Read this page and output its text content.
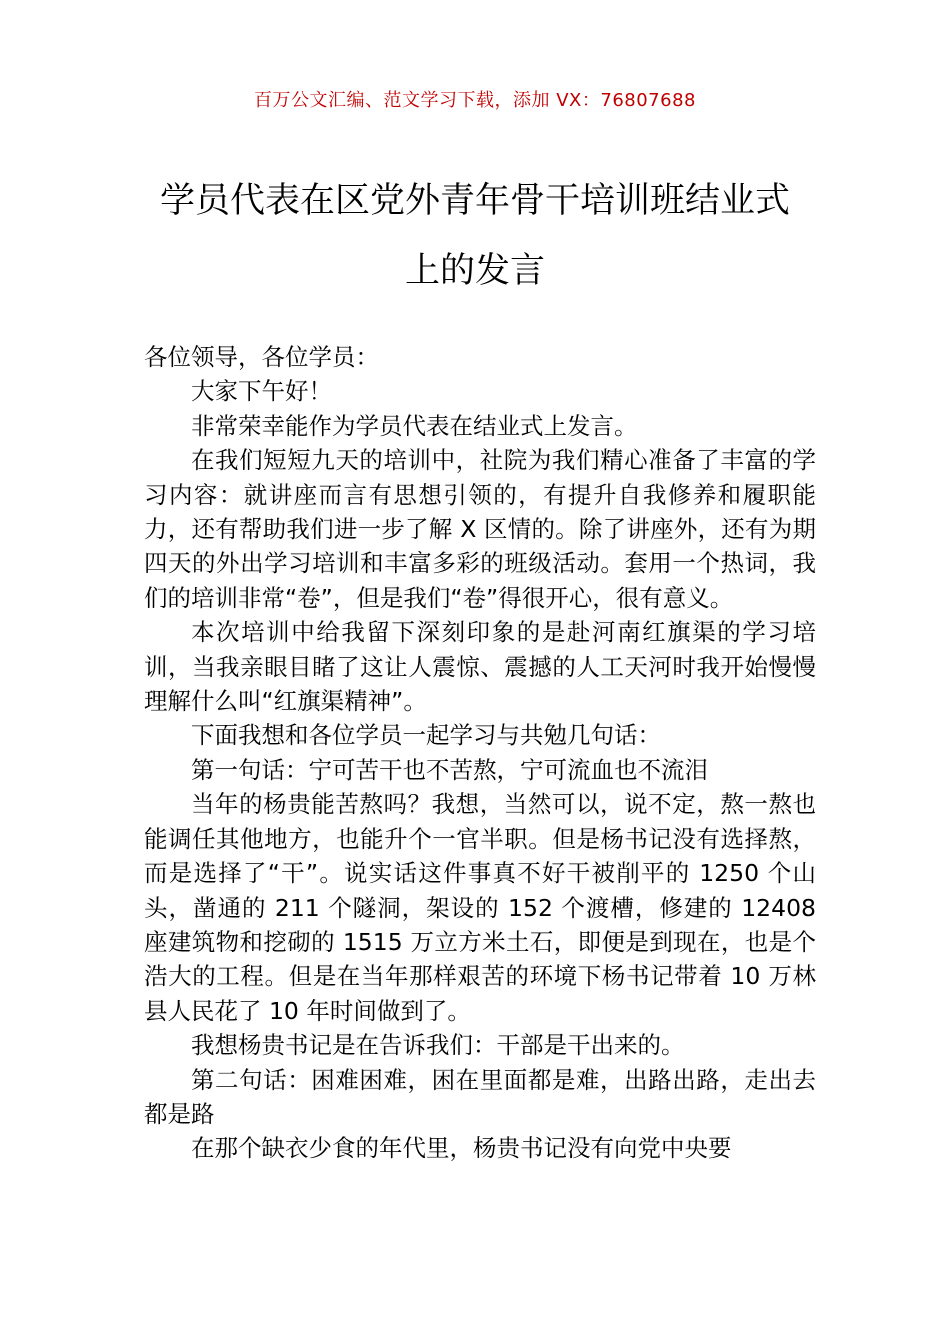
百万公文汇编、范文学习下载，添加 VX：76807688
学员代表在区党外青年骨干培训班结业式
上的发言

各位领导，各位学员：

大家下午好！

非常荣幸能作为学员代表在结业式上发言。

在我们短短九天的培训中，社院为我们精心准备了丰富的学习内容：就讲座而言有思想引领的，有提升自我修养和履职能力，还有帮助我们进一步了解 X 区情的。除了讲座外，还有为期四天的外出学习培训和丰富多彩的班级活动。套用一个热词，我们的培训非常“卷”，但是我们“卷”得很开心，很有意义。

本次培训中给我留下深刻印象的是赴河南红旗渠的学习培训，当我亲眼目睹了这让人震惊、震撼的人工天河时我开始慢慢理解什么叫“红旗渠精神”。

下面我想和各位学员一起学习与共勉几句话：

第一句话：宁可苦干也不苦熬，宁可流血也不流泪

当年的杨贵能苦熬吗？我想，当然可以，说不定，熬一熬也能调任其他地方，也能升个一官半职。但是杨书记没有选择熬，而是选择了“干”。说实话这件事真不好干被削平的 1250 个山头，凿通的 211 个隧洞，架设的 152 个渡槽，修建的 12408 座建筑物和挖砌的 1515 万立方米土石，即便是到现在，也是个浩大的工程。但是在当年那样艰苦的环境下杨书记带着 10 万林县人民花了 10 年时间做到了。

我想杨贵书记是在告诉我们：干部是干出来的。

第二句话：困难困难，困在里面都是难，出路出路，走出去都是路

在那个缺衣少食的年代里，杨贵书记没有向党中央要
